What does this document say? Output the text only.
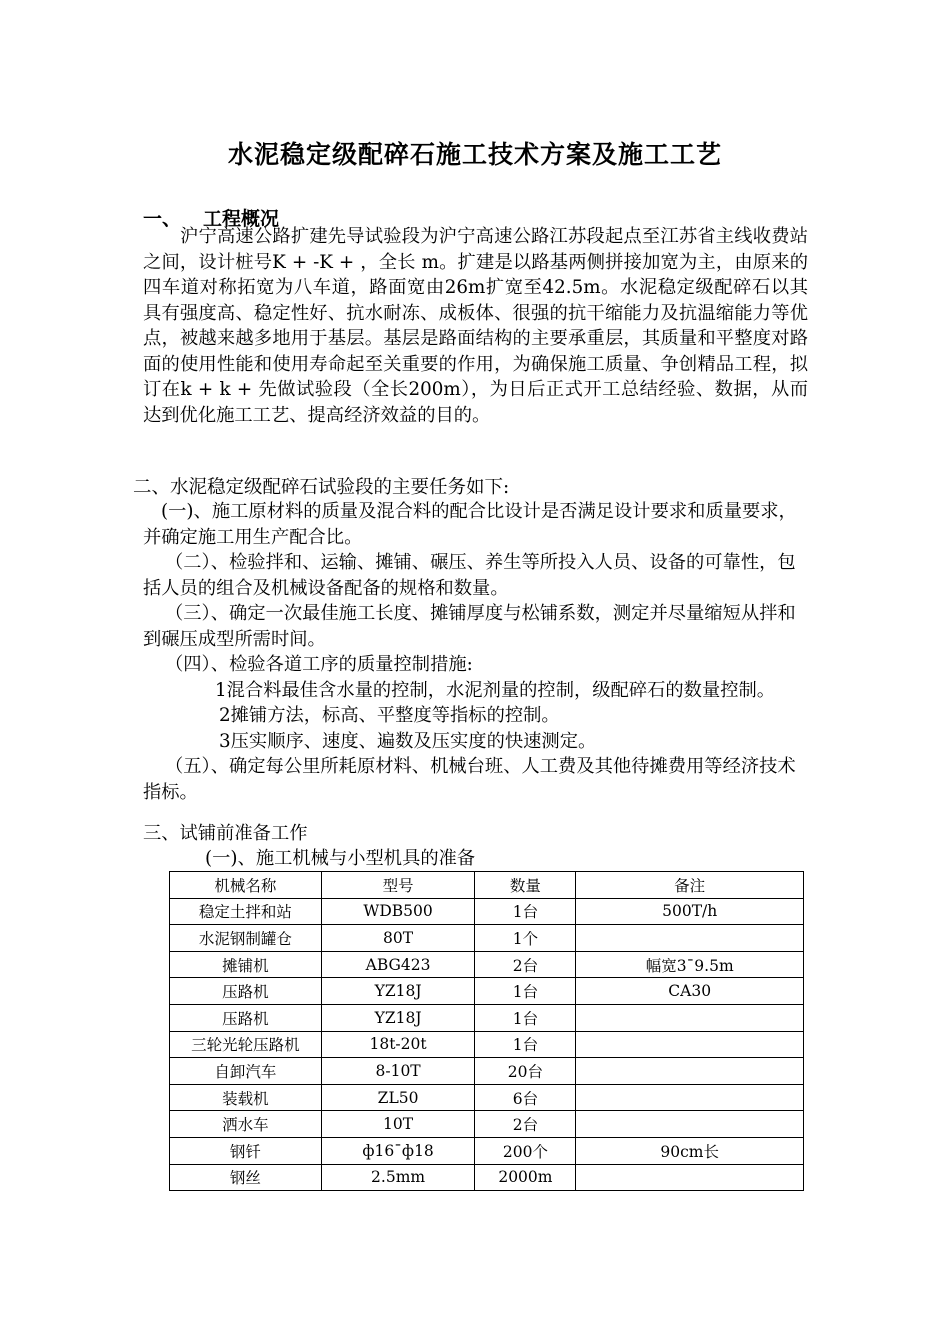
水泥稳定级配碎石施工技术方案及施工工艺
一、 工程概况
沪宁高速公路扩建先导试验段为沪宁高速公路江苏段起点至江苏省主线收费站之间，设计桩号K + -K + ，全长 m。扩建是以路基两侧拼接加宽为主，由原来的四车道对称拓宽为八车道，路面宽由26m扩宽至42.5m。水泥稳定级配碎石以其具有强度高、稳定性好、抗水耐冻、成板体、很强的抗干缩能力及抗温缩能力等优点，被越来越多地用于基层。基层是路面结构的主要承重层，其质量和平整度对路面的使用性能和使用寿命起至关重要的作用，为确保施工质量、争创精品工程，拟订在k + k + 先做试验段（全长200m），为日后正式开工总结经验、数据，从而达到优化施工工艺、提高经济效益的目的。
二、水泥稳定级配碎石试验段的主要任务如下:
(一)、施工原材料的质量及混合料的配合比设计是否满足设计要求和质量要求，并确定施工用生产配合比。
（二）、检验拌和、运输、摊铺、碾压、养生等所投入人员、设备的可靠性，包括人员的组合及机械设备配备的规格和数量。
（三）、确定一次最佳施工长度、摊铺厚度与松铺系数，测定并尽量缩短从拌和到碾压成型所需时间。
（四）、检验各道工序的质量控制措施:
1混合料最佳含水量的控制，水泥剂量的控制，级配碎石的数量控制。
2摊铺方法，标高、平整度等指标的控制。
3压实顺序、速度、遍数及压实度的快速测定。
（五）、确定每公里所耗原材料、机械台班、人工费及其他待摊费用等经济技术指标。
三、试铺前准备工作
(一)、施工机械与小型机具的准备
机械名称	型号	数量	备注
稳定土拌和站	WDB500	1台	500T/h
水泥钢制罐仓	80T	1个	
摊铺机	ABG423	2台	幅宽3¯9.5m
压路机	YZ18J	1台	CA30
压路机	YZ18J	1台	
三轮光轮压路机	18t-20t	1台	
自卸汽车	8-10T	20台	
装载机	ZL50	6台	
洒水车	10T	2台	
钢钎	ф16¯ф18	200个	90cm长
钢丝	2.5mm	2000m	
